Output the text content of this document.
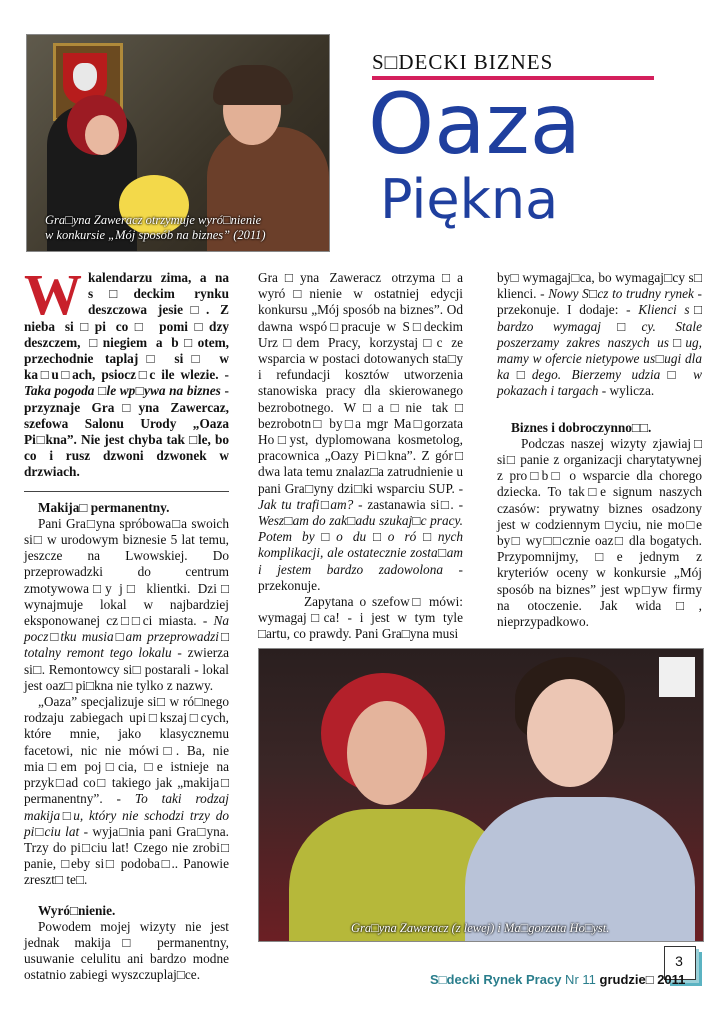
Gra□yna Zaweracz otrzymuje wyró□nienie
w konkursie „Mój sposób na biznes” (2011)
S□DECKI BIZNES
Oaza
Piękna
Wkalendarzu zima, a na s□deckim rynku deszczowa jesie□. Z nieba si□pi co□ pomi□dzy deszczem, □niegiem a b□otem, przechodnie taplaj□ si□ w ka□u□ach, psiocz□c ile wlezie. - Taka pogoda □le wp□ywa na biznes - przyznaje Gra□yna Zawercaz, szefowa Salonu Urody „Oaza Pi□kna”. Nie jest chyba tak □le, bo co i rusz dzwoni dzwonek w drzwiach.

Makija□ permanentny.

Pani Gra□yna spróbowa□a swoich si□ w urodowym biznesie 5 lat temu, jeszcze na Lwowskiej. Do przeprowadzki do centrum zmotywowa□y j□ klientki. Dzi□ wynajmuje lokal w najbardziej eksponowanej cz□□ci miasta. - Na pocz□tku musia□am przeprowadzi□ totalny remont tego lokalu - zwierza si□. Remontowcy si□ postarali - lokal jest oaz□ pi□kna nie tylko z nazwy.

„Oaza” specjalizuje si□ w ró□nego rodzaju zabiegach upi□kszaj□cych, które mnie, jako klasycznemu facetowi, nic nie mówi□. Ba, nie mia□em poj□cia, □e istnieje na przyk□ad co□ takiego jak „makija□ permanentny”. - To taki rodzaj makija□u, który nie schodzi trzy do pi□ciu lat - wyja□nia pani Gra□yna. Trzy do pi□ciu lat! Czego nie zrobi□ panie, □eby si□ podoba□.. Panowie zreszt□ te□.

Wyró□nienie.

Powodem mojej wizyty nie jest jednak makija□ permanentny, usuwanie celulitu ani bardzo modne ostatnio zabiegi wyszczuplaj□ce.

Gra□yna Zaweracz otrzyma□a wyró□nienie w ostatniej edycji konkursu „Mój sposób na biznes”. Od dawna wspó□pracuje w S□deckim Urz□dem Pracy, korzystaj□c ze wsparcia w postaci dotowanych sta□y i refundacji kosztów utworzenia stanowiska pracy dla skierowanego bezrobotnego. W□a□nie tak□ bezrobotn□ by□a mgr Ma□gorzata Ho□yst, dyplomowana kosmetolog, pracownica „Oazy Pi□kna”. Z gór□ dwa lata temu znalaz□a zatrudnienie u pani Gra□yny dzi□ki wsparciu SUP. - Jak tu trafi□am? - zastanawia si□. - Wesz□am do zak□adu szukaj□c pracy. Potem by□o du□o ró□nych komplikacji, ale ostatecznie zosta□am i jestem bardzo zadowolona - przekonuje.

Zapytana o szefow□ mówi: wymagaj□ca! - i jest w tym tyle □artu, co prawdy. Pani Gra□yna musi

by□ wymagaj□ca, bo wymagaj□cy s□ klienci. - Nowy S□cz to trudny rynek - przekonuje. I dodaje: - Klienci s□ bardzo wymagaj□cy. Stale poszerzamy zakres naszych us□ug, mamy w ofercie nietypowe us□ugi dla ka□dego. Bierzemy udzia□ w pokazach i targach - wylicza.

Biznes i dobroczynno□□.

Podczas naszej wizyty zjawiaj□ si□ panie z organizacji charytatywnej z pro□b□ o wsparcie dla chorego dziecka. To tak□e signum naszych czasów: prywatny biznes osadzony jest w codziennym □yciu, nie mo□e by□ wy□□cznie oaz□ dla bogatych. Przypomnijmy, □e jednym z kryteriów oceny w konkursie „Mój sposób na biznes” jest wp□yw firmy na otoczenie. Jak wida□, nieprzypadkowo.

Gra□yna Zaweracz (z lewej) i Ma□gorzata Ho□yst.
3
S□decki Rynek Pracy Nr 11 grudzie□ 2011
